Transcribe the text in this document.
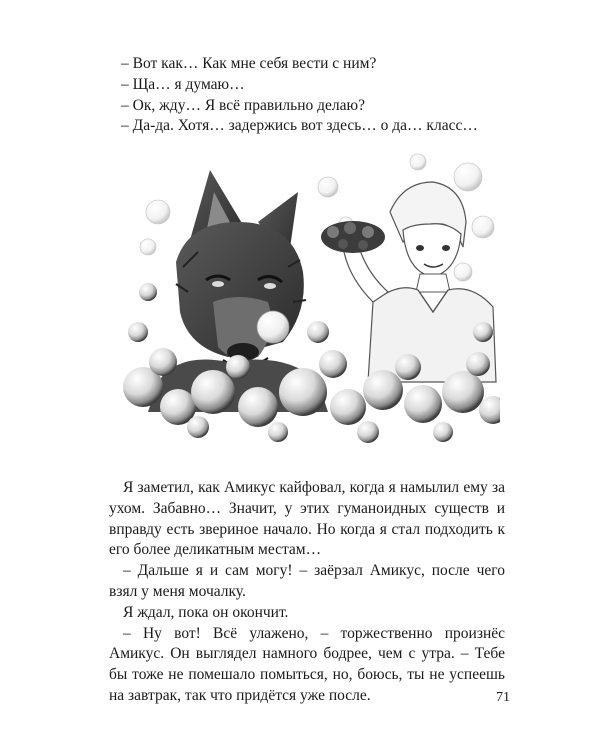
– Вот как… Как мне себя вести с ним?

– Ща… я думаю…

– Ок, жду… Я всё правильно делаю?

– Да-да. Хотя… задержись вот здесь… о да… класс…

Я заметил, как Амикус кайфовал, когда я намылил ему за ухом. Забавно… Значит, у этих гуманоидных существ и вправду есть звериное начало. Но когда я стал подходить к его более деликатным местам…

– Дальше я и сам могу! – заёрзал Амикус, после чего взял у меня мочалку.

Я ждал, пока он окончит.

– Ну вот! Всё улажено, – торжественно произнёс Амикус. Он выглядел намного бодрее, чем с утра. – Тебе бы тоже не помешало помыться, но, боюсь, ты не успеешь на завтрак, так что придётся уже после.	71
